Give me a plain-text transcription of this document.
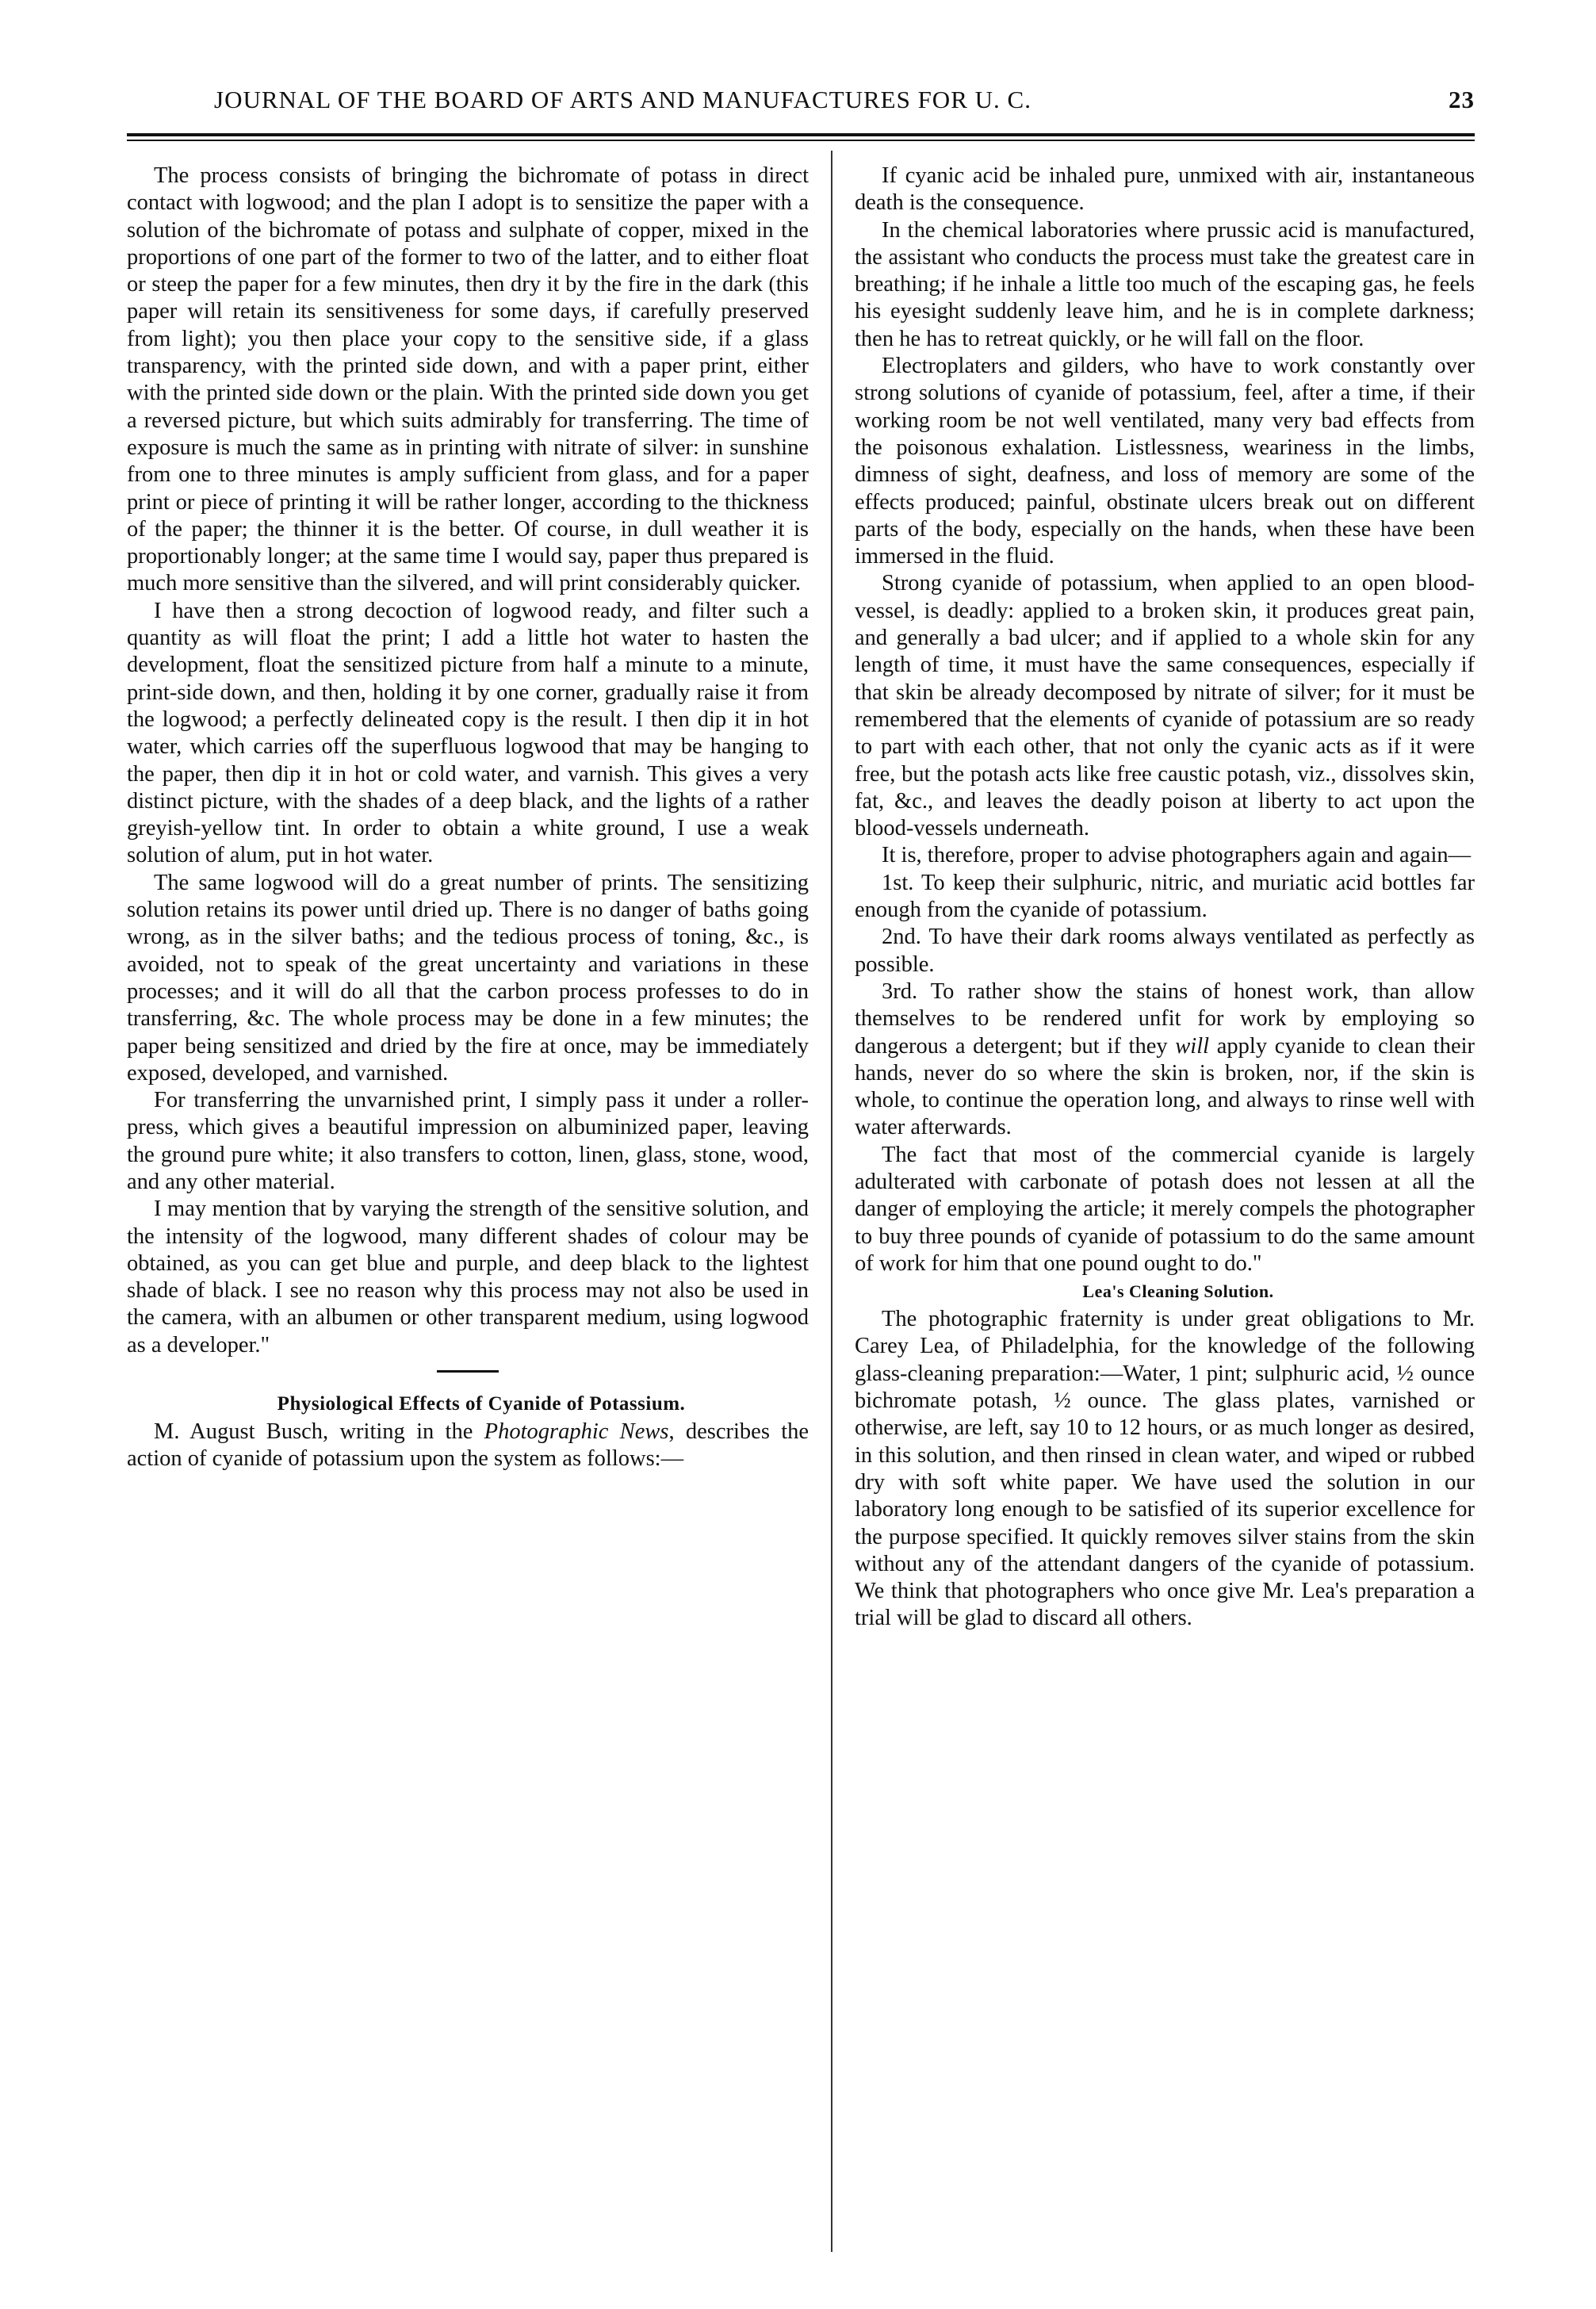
JOURNAL OF THE BOARD OF ARTS AND MANUFACTURES FOR U. C.	23

The process consists of bringing the bichromate of potass in direct contact with logwood; and the plan I adopt is to sensitize the paper with a solution of the bichromate of potass and sulphate of copper, mixed in the proportions of one part of the former to two of the latter, and to either float or steep the paper for a few minutes, then dry it by the fire in the dark (this paper will retain its sensitiveness for some days, if carefully preserved from light); you then place your copy to the sensitive side, if a glass transparency, with the printed side down, and with a paper print, either with the printed side down or the plain. With the printed side down you get a reversed picture, but which suits admirably for transferring. The time of exposure is much the same as in printing with nitrate of silver: in sunshine from one to three minutes is amply sufficient from glass, and for a paper print or piece of printing it will be rather longer, according to the thickness of the paper; the thinner it is the better. Of course, in dull weather it is proportionably longer; at the same time I would say, paper thus prepared is much more sensitive than the silvered, and will print considerably quicker.

I have then a strong decoction of logwood ready, and filter such a quantity as will float the print; I add a little hot water to hasten the development, float the sensitized picture from half a minute to a minute, print-side down, and then, holding it by one corner, gradually raise it from the logwood; a perfectly delineated copy is the result. I then dip it in hot water, which carries off the superfluous logwood that may be hanging to the paper, then dip it in hot or cold water, and varnish. This gives a very distinct picture, with the shades of a deep black, and the lights of a rather greyish-yellow tint. In order to obtain a white ground, I use a weak solution of alum, put in hot water.

The same logwood will do a great number of prints. The sensitizing solution retains its power until dried up. There is no danger of baths going wrong, as in the silver baths; and the tedious process of toning, &c., is avoided, not to speak of the great uncertainty and variations in these processes; and it will do all that the carbon process professes to do in transferring, &c. The whole process may be done in a few minutes; the paper being sensitized and dried by the fire at once, may be immediately exposed, developed, and varnished.

For transferring the unvarnished print, I simply pass it under a roller-press, which gives a beautiful impression on albuminized paper, leaving the ground pure white; it also transfers to cotton, linen, glass, stone, wood, and any other material.

I may mention that by varying the strength of the sensitive solution, and the intensity of the logwood, many different shades of colour may be obtained, as you can get blue and purple, and deep black to the lightest shade of black. I see no reason why this process may not also be used in the camera, with an albumen or other transparent medium, using logwood as a developer."

Physiological Effects of Cyanide of Potassium.

M. August Busch, writing in the Photographic News, describes the action of cyanide of potassium upon the system as follows:—

If cyanic acid be inhaled pure, unmixed with air, instantaneous death is the consequence.

In the chemical laboratories where prussic acid is manufactured, the assistant who conducts the process must take the greatest care in breathing; if he inhale a little too much of the escaping gas, he feels his eyesight suddenly leave him, and he is in complete darkness; then he has to retreat quickly, or he will fall on the floor.

Electroplaters and gilders, who have to work constantly over strong solutions of cyanide of potassium, feel, after a time, if their working room be not well ventilated, many very bad effects from the poisonous exhalation. Listlessness, weariness in the limbs, dimness of sight, deafness, and loss of memory are some of the effects produced; painful, obstinate ulcers break out on different parts of the body, especially on the hands, when these have been immersed in the fluid.

Strong cyanide of potassium, when applied to an open blood-vessel, is deadly: applied to a broken skin, it produces great pain, and generally a bad ulcer; and if applied to a whole skin for any length of time, it must have the same consequences, especially if that skin be already decomposed by nitrate of silver; for it must be remembered that the elements of cyanide of potassium are so ready to part with each other, that not only the cyanic acts as if it were free, but the potash acts like free caustic potash, viz., dissolves skin, fat, &c., and leaves the deadly poison at liberty to act upon the blood-vessels underneath.

It is, therefore, proper to advise photographers again and again—

1st. To keep their sulphuric, nitric, and muriatic acid bottles far enough from the cyanide of potassium.

2nd. To have their dark rooms always ventilated as perfectly as possible.

3rd. To rather show the stains of honest work, than allow themselves to be rendered unfit for work by employing so dangerous a detergent; but if they will apply cyanide to clean their hands, never do so where the skin is broken, nor, if the skin is whole, to continue the operation long, and always to rinse well with water afterwards.

The fact that most of the commercial cyanide is largely adulterated with carbonate of potash does not lessen at all the danger of employing the article; it merely compels the photographer to buy three pounds of cyanide of potassium to do the same amount of work for him that one pound ought to do."

Lea's Cleaning Solution.

The photographic fraternity is under great obligations to Mr. Carey Lea, of Philadelphia, for the knowledge of the following glass-cleaning preparation:—Water, 1 pint; sulphuric acid, ½ ounce bichromate potash, ½ ounce. The glass plates, varnished or otherwise, are left, say 10 to 12 hours, or as much longer as desired, in this solution, and then rinsed in clean water, and wiped or rubbed dry with soft white paper. We have used the solution in our laboratory long enough to be satisfied of its superior excellence for the purpose specified. It quickly removes silver stains from the skin without any of the attendant dangers of the cyanide of potassium. We think that photographers who once give Mr. Lea's preparation a trial will be glad to discard all others.
